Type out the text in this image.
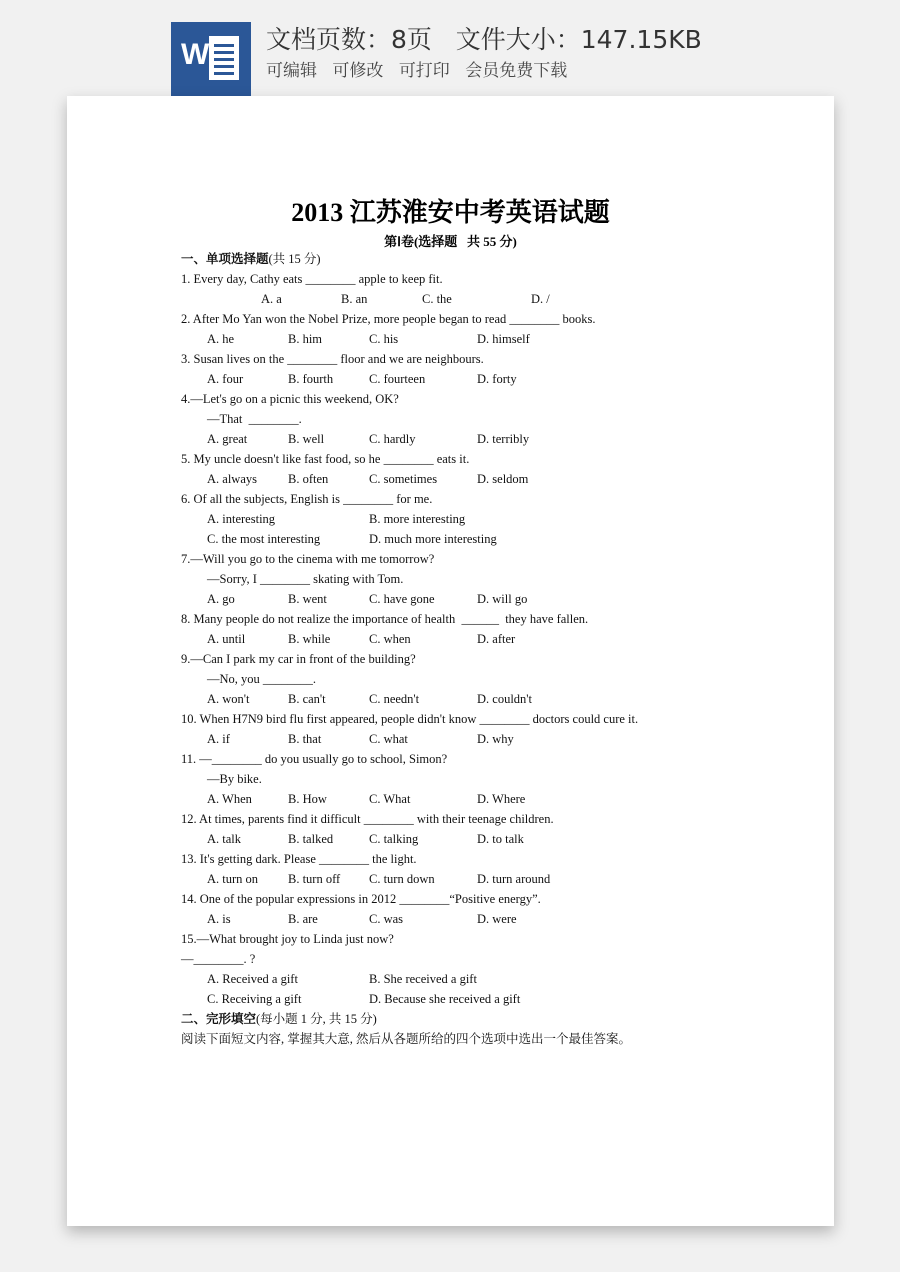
W 文档页数：8页   文件大小：147.15KB
可编辑 可修改 可打印 会员免费下载
2013 江苏淮安中考英语试题
第Ⅰ卷(选择题   共 55 分)
一、单项选择题(共 15 分)
1. Every day, Cathy eats ________ apple to keep fit.
A. a	B. an	C. the	D. /
2. After Mo Yan won the Nobel Prize, more people began to read ________ books.
A. he	B. him	C. his	D. himself
3. Susan lives on the ________ floor and we are neighbours.
A. four	B. fourth	C. fourteen	D. forty
4.—Let's go on a picnic this weekend, OK?
—That  ________.
A. great	B. well	C. hardly	D. terribly
5. My uncle doesn't like fast food, so he ________ eats it.
A. always B. often	C. sometimes	D. seldom
6. Of all the subjects, English is ________ for me.
A. interesting	B. more interesting
C. the most interesting	D. much more interesting
7.—Will you go to the cinema with me tomorrow?
—Sorry, I ________ skating with Tom.
A. go	B. went	C. have gone	D. will go
8. Many people do not realize the importance of health  ______  they have fallen.
A. until	B. while	C. when	D. after
9.—Can I park my car in front of the building?
—No, you ________.
A. won't	B. can't	C. needn't	D. couldn't
10. When H7N9 bird flu first appeared, people didn't know ________ doctors could cure it.
A. if	B. that	C. what	D. why
11. —________ do you usually go to school, Simon?
—By bike.
A. When	B. How	C. What	D. Where
12. At times, parents find it difficult ________ with their teenage children.
A. talk	B. talked	C. talking	D. to talk
13. It's getting dark. Please ________ the light.
A. turn on B. turn off C. turn down	D. turn around
14. One of the popular expressions in 2012 ________“Positive energy”.
A. is	B. are	C. was	D. were
15.—What brought joy to Linda just now?
—________. ?
A. Received a gift	B. She received a gift
C. Receiving a gift	D. Because she received a gift
二、完形填空(每小题 1 分, 共 15 分)
阅读下面短文内容, 掌握其大意, 然后从各题所给的四个选项中选出一个最佳答案。
